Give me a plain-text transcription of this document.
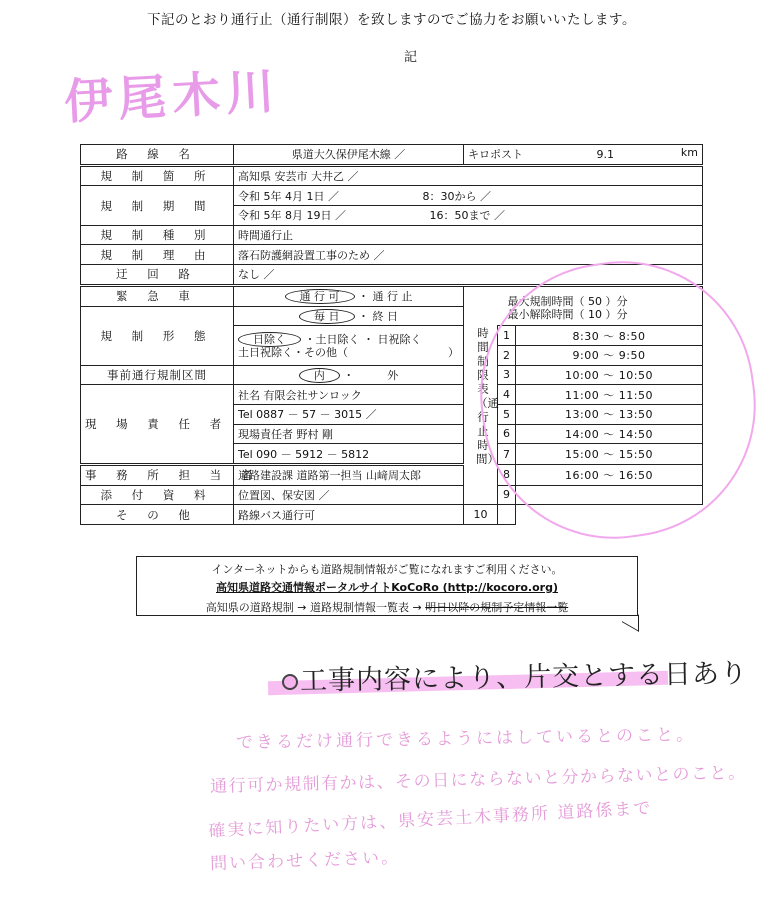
下記のとおり通行止（通行制限）を致しますのでご協力をお願いいたします。
記
伊尾木川
路 線 名	県道大久保伊尾木線 ／	キロポスト 9.1 km		

規 制 箇 所	高知県 安芸市 大井乙 ／			
規 制 期 間	令和 5年 4月 1日 ／ 8：30から ／			
	令和 5年 8月 19日 ／ 16：50まで ／			
規 制 種 別	時間通行止			
規 制 理 由	落石防護網設置工事のため ／			
迂 回 路	なし ／			
緊 急 車	通 行 可 ・ 通 行 止		最大規制時間（ 50 ）分
最小解除時間（ 10 ）分	

規 制 形 態	毎 日 ・ 終 日			

	日除く ・土日除く ・ 日祝除く
土日祝除く・その他（ ）		1	8:30 ～ 8:50
			2	9:00 ～ 9:50
事前通行規制区間	内 ・　　　外		3	10:00 ～ 10:50
現 場 責 任 者	社名 有限会社サンロック		4	11:00 ～ 11:50
	Tel 0887 － 57 － 3015 ／		5	13:00 ～ 13:50
	現場責任者 野村 剛		6	14:00 ～ 14:50
	Tel 090 － 5912 － 5812		7	15:00 ～ 15:50
事 務 所 担 当 者	道路建設課 道路第一担当 山﨑周太郎		8	16:00 ～ 16:50
添 付 資 料	位置図、保安図 ／		9	
そ の 他	路線バス通行可	10		
時間制限表（通行止時間）
インターネットからも道路規制情報がご覧になれますご利用ください。
高知県道路交通情報ポータルサイトKoCoRo (http://kocoro.org)
高知県の道路規制 → 道路規制情報一覧表 → 明日以降の規制予定情報一覧
工事内容により、片交とする日あり
できるだけ通行できるようにはしているとのこと。
通行可か規制有かは、その日にならないと分からないとのこと。
確実に知りたい方は、県安芸土木事務所 道路係まで
問い合わせください。
